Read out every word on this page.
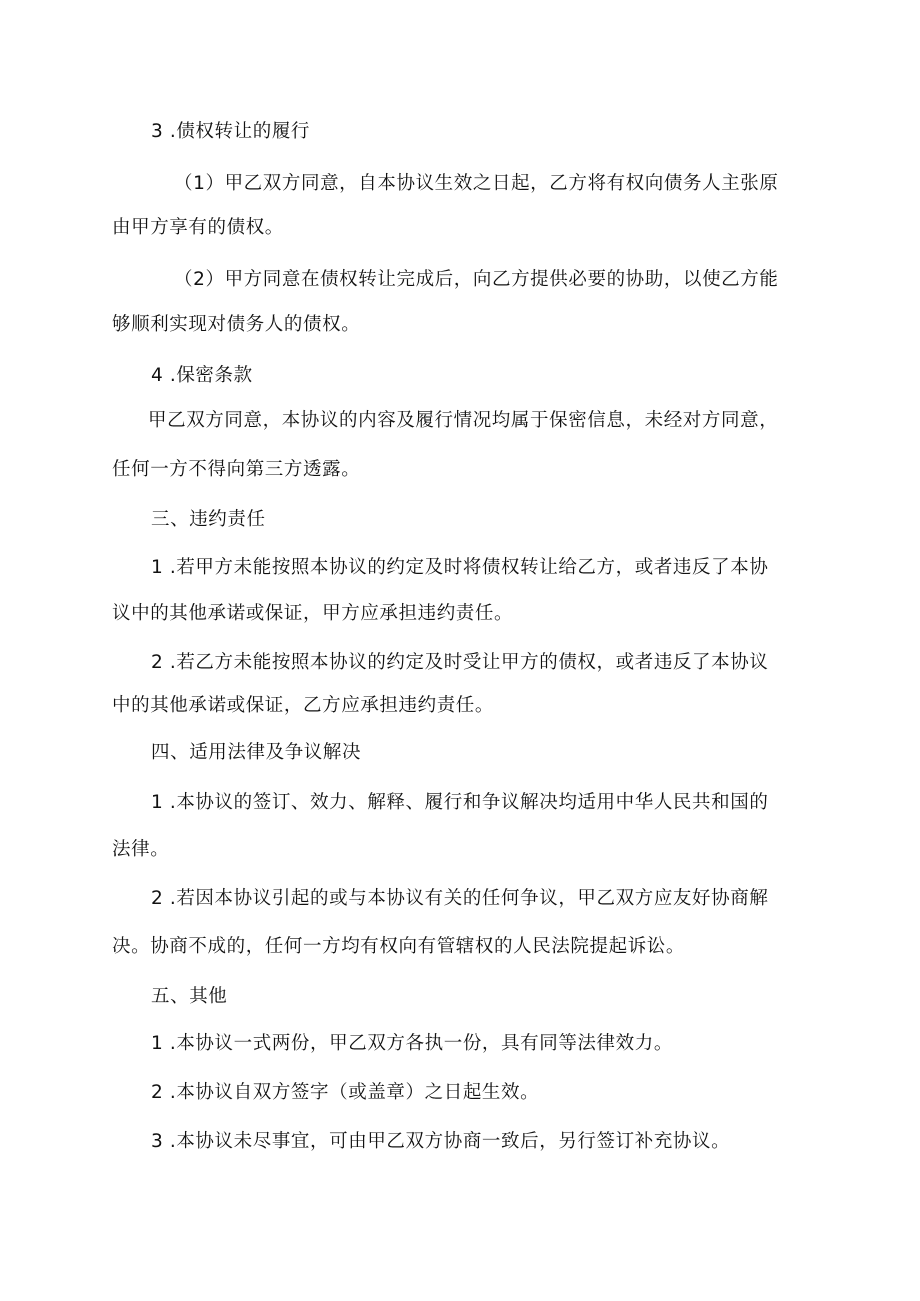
3 .债权转让的履行
（1）甲乙双方同意，自本协议生效之日起，乙方将有权向债务人主张原
由甲方享有的债权。
（2）甲方同意在债权转让完成后，向乙方提供必要的协助，以使乙方能
够顺利实现对债务人的债权。
4 .保密条款
甲乙双方同意，本协议的内容及履行情况均属于保密信息，未经对方同意，
任何一方不得向第三方透露。
三、违约责任
1 .若甲方未能按照本协议的约定及时将债权转让给乙方，或者违反了本协
议中的其他承诺或保证，甲方应承担违约责任。
2 .若乙方未能按照本协议的约定及时受让甲方的债权，或者违反了本协议
中的其他承诺或保证，乙方应承担违约责任。
四、适用法律及争议解决
1 .本协议的签订、效力、解释、履行和争议解决均适用中华人民共和国的
法律。
2 .若因本协议引起的或与本协议有关的任何争议，甲乙双方应友好协商解
决。协商不成的，任何一方均有权向有管辖权的人民法院提起诉讼。
五、其他
1 .本协议一式两份，甲乙双方各执一份，具有同等法律效力。
2 .本协议自双方签字（或盖章）之日起生效。
3 .本协议未尽事宜，可由甲乙双方协商一致后，另行签订补充协议。
